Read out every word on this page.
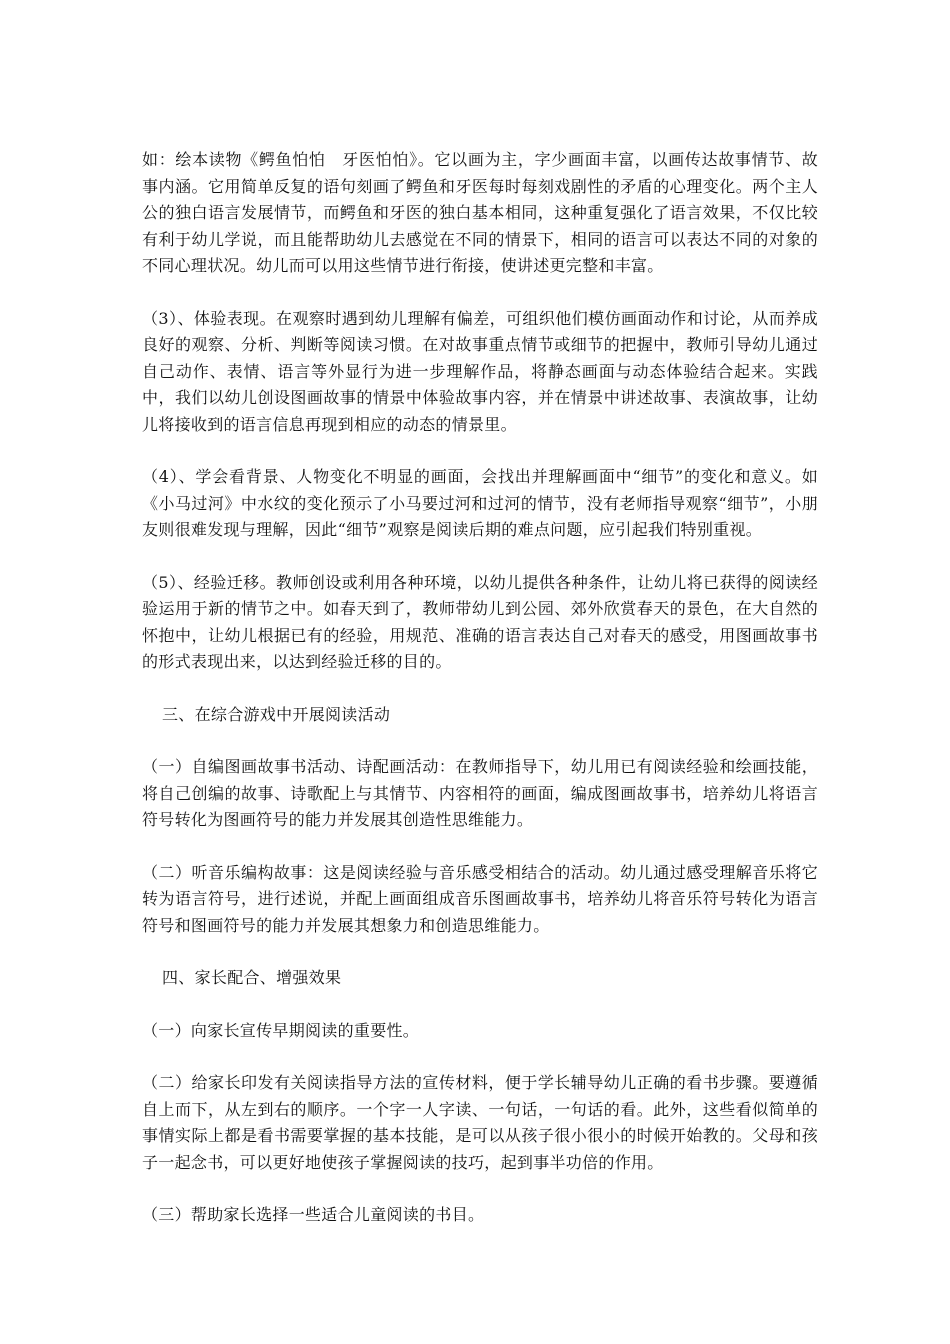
如：绘本读物《鳄鱼怕怕　牙医怕怕》。它以画为主，字少画面丰富，以画传达故事情节、故事内涵。它用简单反复的语句刻画了鳄鱼和牙医每时每刻戏剧性的矛盾的心理变化。两个主人公的独白语言发展情节，而鳄鱼和牙医的独白基本相同，这种重复强化了语言效果，不仅比较有利于幼儿学说，而且能帮助幼儿去感觉在不同的情景下，相同的语言可以表达不同的对象的不同心理状况。幼儿而可以用这些情节进行衔接，使讲述更完整和丰富。

（3）、体验表现。在观察时遇到幼儿理解有偏差，可组织他们模仿画面动作和讨论，从而养成良好的观察、分析、判断等阅读习惯。在对故事重点情节或细节的把握中，教师引导幼儿通过自己动作、表情、语言等外显行为进一步理解作品，将静态画面与动态体验结合起来。实践中，我们以幼儿创设图画故事的情景中体验故事内容，并在情景中讲述故事、表演故事，让幼儿将接收到的语言信息再现到相应的动态的情景里。

（4）、学会看背景、人物变化不明显的画面，会找出并理解画面中“细节”的变化和意义。如《小马过河》中水纹的变化预示了小马要过河和过河的情节，没有老师指导观察“细节”，小朋友则很难发现与理解，因此“细节”观察是阅读后期的难点问题，应引起我们特别重视。

（5）、经验迁移。教师创设或利用各种环境，以幼儿提供各种条件，让幼儿将已获得的阅读经验运用于新的情节之中。如春天到了，教师带幼儿到公园、郊外欣赏春天的景色，在大自然的怀抱中，让幼儿根据已有的经验，用规范、准确的语言表达自己对春天的感受，用图画故事书的形式表现出来，以达到经验迁移的目的。

三、在综合游戏中开展阅读活动

（一）自编图画故事书活动、诗配画活动：在教师指导下，幼儿用已有阅读经验和绘画技能，将自己创编的故事、诗歌配上与其情节、内容相符的画面，编成图画故事书，培养幼儿将语言符号转化为图画符号的能力并发展其创造性思维能力。

（二）听音乐编构故事：这是阅读经验与音乐感受相结合的活动。幼儿通过感受理解音乐将它转为语言符号，进行述说，并配上画面组成音乐图画故事书，培养幼儿将音乐符号转化为语言符号和图画符号的能力并发展其想象力和创造思维能力。

四、家长配合、增强效果

（一）向家长宣传早期阅读的重要性。

（二）给家长印发有关阅读指导方法的宣传材料，便于学长辅导幼儿正确的看书步骤。要遵循自上而下，从左到右的顺序。一个字一人字读、一句话，一句话的看。此外，这些看似简单的事情实际上都是看书需要掌握的基本技能，是可以从孩子很小很小的时候开始教的。父母和孩子一起念书，可以更好地使孩子掌握阅读的技巧，起到事半功倍的作用。

（三）帮助家长选择一些适合儿童阅读的书目。
